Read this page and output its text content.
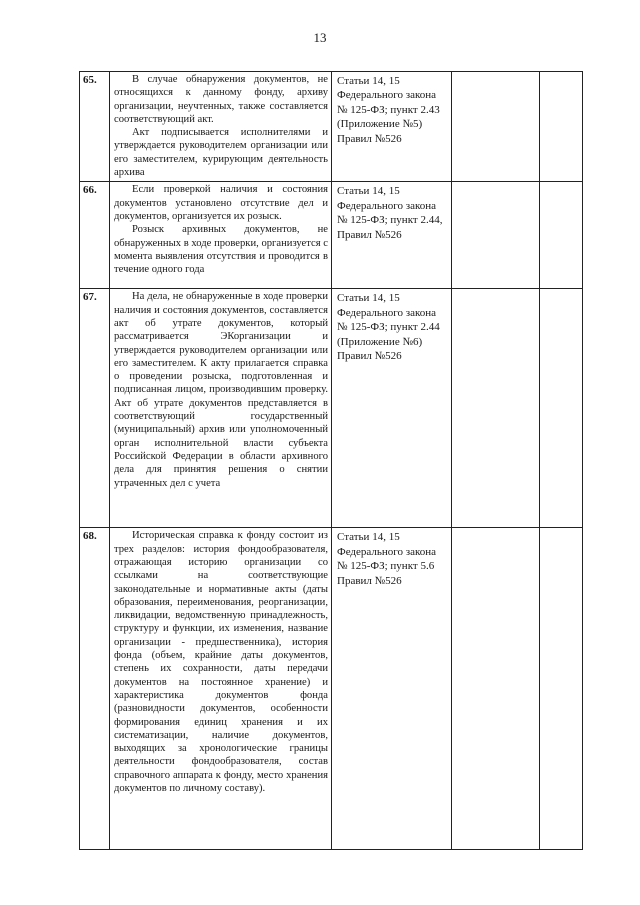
13
65.	В случае обнаружения документов, не относящихся к данному фонду, архиву организации, неучтенных, также составляется соответствующий акт.

Акт подписывается исполнителями и утверждается руководителем организации или его заместителем, курирующим деятельность архива	Статьи 14, 15 Федерального закона № 125-ФЗ; пункт 2.43 (Приложение №5) Правил №526		
66.	Если проверкой наличия и состояния документов установлено отсутствие дел и документов, организуется их розыск.

Розыск архивных документов, не обнаруженных в ходе проверки, организуется с момента выявления отсутствия и проводится в течение одного года	Статьи 14, 15 Федерального закона № 125-ФЗ; пункт 2.44, Правил №526		
67.	На дела, не обнаруженные в ходе проверки наличия и состояния документов, составляется акт об утрате документов, который рассматривается ЭКорганизации и утверждается руководителем организации или его заместителем. К акту прилагается справка о проведении розыска, подготовленная и подписанная лицом, производившим проверку. Акт об утрате документов представляется в соответствующий государственный (муниципальный) архив или уполномоченный орган исполнительной власти субъекта Российской Федерации в области архивного дела для принятия решения о снятии утраченных дел с учета	Статьи 14, 15 Федерального закона № 125-ФЗ; пункт 2.44 (Приложение №6) Правил №526		
68.	Историческая справка к фонду состоит из трех разделов: история фондообразователя, отражающая историю организации со ссылками на соответствующие законодательные и нормативные акты (даты образования, переименования, реорганизации, ликвидации, ведомственную принадлежность, структуру и функции, их изменения, название организации - предшественника), история фонда (объем, крайние даты документов, степень их сохранности, даты передачи документов на постоянное хранение) и характеристика документов фонда (разновидности документов, особенности формирования единиц хранения и их систематизации, наличие документов, выходящих за хронологические границы деятельности фондообразователя, состав справочного аппарата к фонду, место хранения документов по личному составу).	Статьи 14, 15 Федерального закона № 125-ФЗ; пункт 5.6 Правил №526		
